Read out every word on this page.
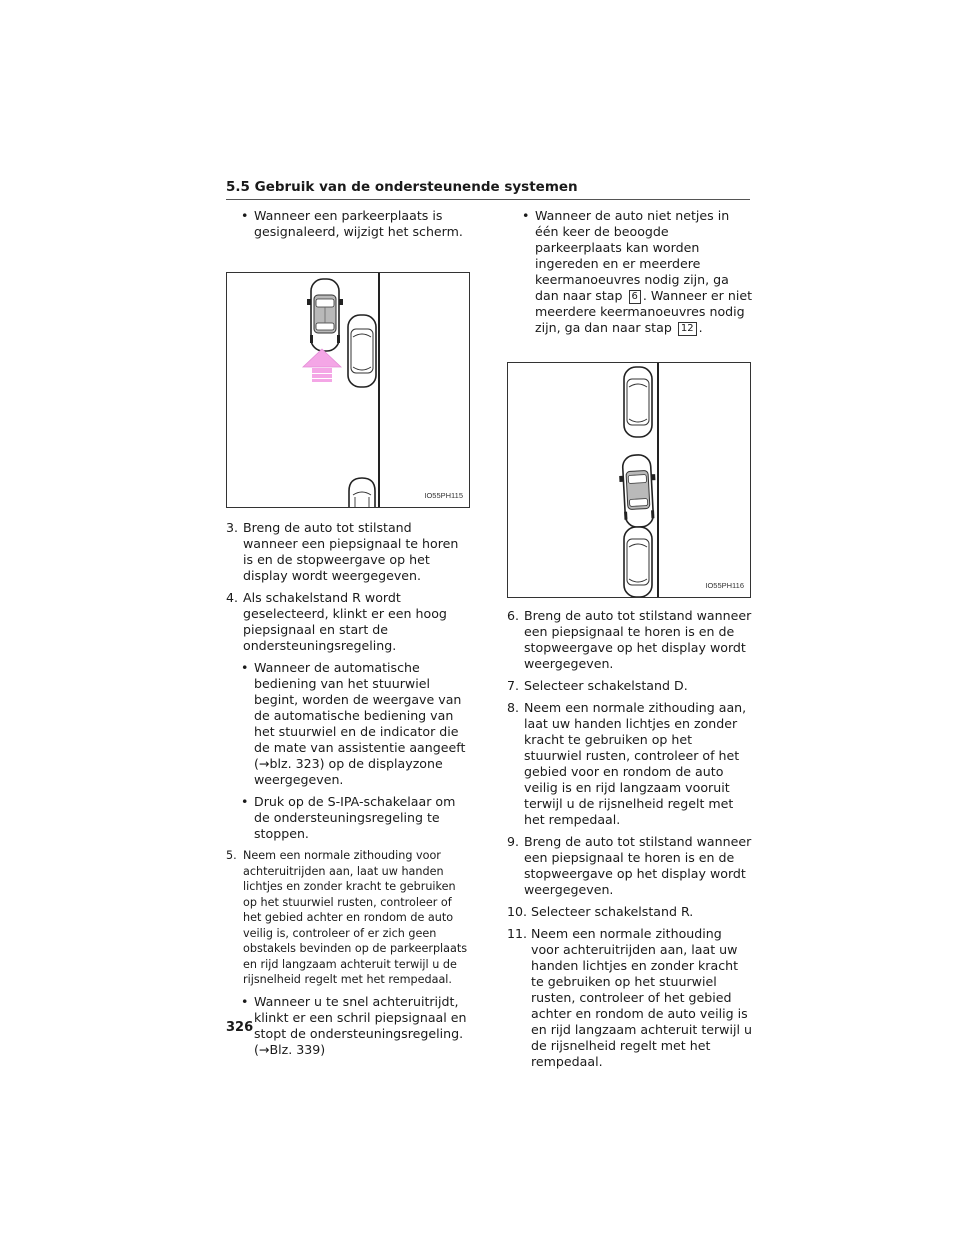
5.5 Gebruik van de ondersteunende systemen
• Wanneer een parkeerplaats is gesignaleerd, wijzigt het scherm.
IO55PH115
3. Breng de auto tot stilstand wanneer een piepsignaal te horen is en de stopweergave op het display wordt weergegeven.
4. Als schakelstand R wordt geselecteerd, klinkt er een hoog piepsignaal en start de ondersteuningsregeling.
• Wanneer de automatische bediening van het stuurwiel begint, worden de weergave van de automatische bediening van het stuurwiel en de indicator die de mate van assistentie aangeeft (→blz. 323) op de displayzone weergegeven.
• Druk op de S-IPA-schakelaar om de ondersteuningsregeling te stoppen.
5. Neem een normale zithouding voor achteruitrijden aan, laat uw handen lichtjes en zonder kracht te gebruiken op het stuurwiel rusten, controleer of het gebied achter en rondom de auto veilig is, controleer of er zich geen obstakels bevinden op de parkeerplaats en rijd langzaam achteruit terwijl u de rijsnelheid regelt met het rempedaal.
• Wanneer u te snel achteruitrijdt, klinkt er een schril piepsignaal en stopt de ondersteuningsregeling. (→Blz. 339)
• Wanneer de auto niet netjes in één keer de beoogde parkeerplaats kan worden ingereden en er meerdere keermanoeuvres nodig zijn, ga dan naar stap 6 . Wanneer er niet meerdere keermanoeuvres nodig zijn, ga dan naar stap 12 .
IO55PH116
6. Breng de auto tot stilstand wanneer een piepsignaal te horen is en de stopweergave op het display wordt weergegeven.
7. Selecteer schakelstand D.
8. Neem een normale zithouding aan, laat uw handen lichtjes en zonder kracht te gebruiken op het stuurwiel rusten, controleer of het gebied voor en rondom de auto veilig is en rijd langzaam vooruit terwijl u de rijsnelheid regelt met het rempedaal.
9. Breng de auto tot stilstand wanneer een piepsignaal te horen is en de stopweergave op het display wordt weergegeven.
10. Selecteer schakelstand R.
11. Neem een normale zithouding voor achteruitrijden aan, laat uw handen lichtjes en zonder kracht te gebruiken op het stuurwiel rusten, controleer of het gebied achter en rondom de auto veilig is en rijd langzaam achteruit terwijl u de rijsnelheid regelt met het rempedaal.
326
